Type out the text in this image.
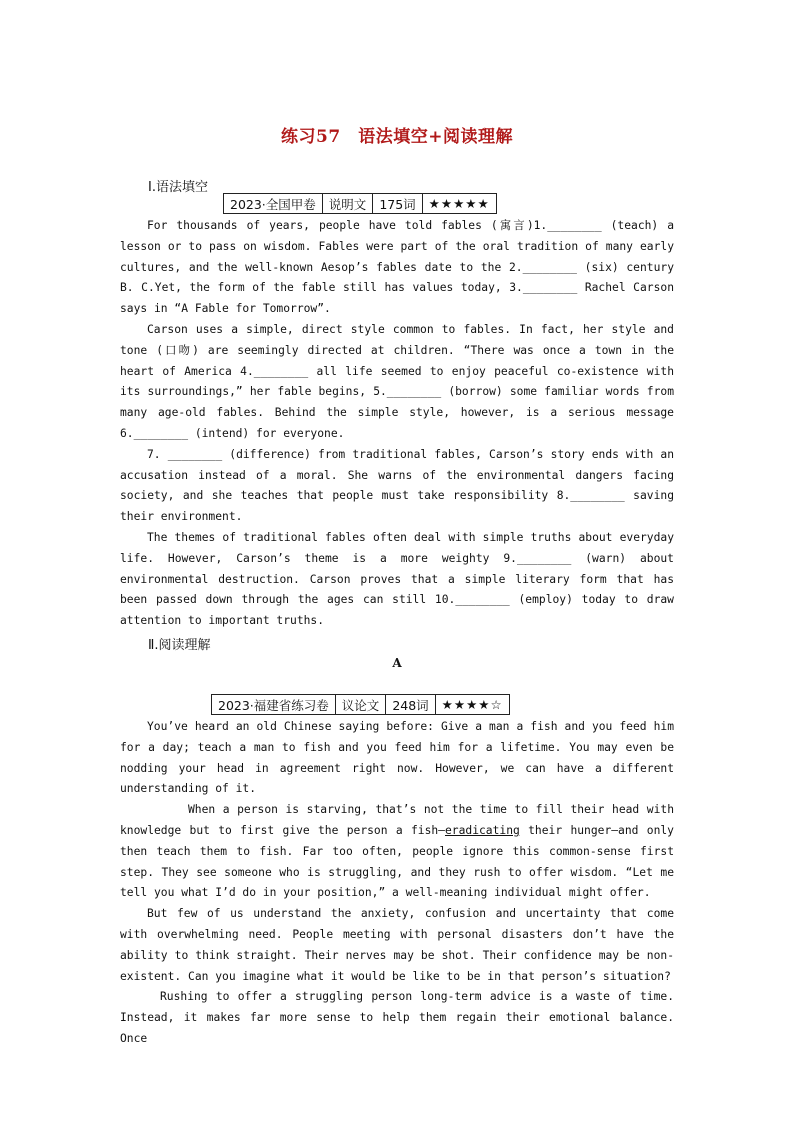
练习57　语法填空+阅读理解
Ⅰ.语法填空
2023·全国甲卷	说明文	175词	★★★★★

For thousands of years, people have told fables (寓言)1.________ (teach) a lesson or to pass on wisdom. Fables were part of the oral tradition of many early cultures, and the well-known Aesop’s fables date to the 2.________ (six) century B. C.Yet, the form of the fable still has values today, 3.________ Rachel Carson says in “A Fable for Tomorrow”.

Carson uses a simple, direct style common to fables. In fact, her style and tone (口吻) are seemingly directed at children. “There was once a town in the heart of America 4.________ all life seemed to enjoy peaceful co-existence with its surroundings,” her fable begins, 5.________ (borrow) some familiar words from many age-old fables. Behind the simple style, however, is a serious message 6.________ (intend) for everyone.

7. ________ (difference) from traditional fables, Carson’s story ends with an accusation instead of a moral. She warns of the environmental dangers facing society, and she teaches that people must take responsibility 8.________ saving their environment.

The themes of traditional fables often deal with simple truths about everyday life. However, Carson’s theme is a more weighty 9.________ (warn) about environmental destruction. Carson proves that a simple literary form that has been passed down through the ages can still 10.________ (employ) today to draw attention to important truths.

Ⅱ.阅读理解
A
2023·福建省练习卷	议论文	248词	★★★★☆

You’ve heard an old Chinese saying before: Give a man a fish and you feed him for a day; teach a man to fish and you feed him for a lifetime. You may even be nodding your head in agreement right now. However, we can have a different understanding of it.

When a person is starving, that’s not the time to fill their head with knowledge but to first give the person a fish—eradicating their hunger—and only then teach them to fish. Far too often, people ignore this common-sense first step. They see someone who is struggling, and they rush to offer wisdom. “Let me tell you what I’d do in your position,” a well-meaning individual might offer.

But few of us understand the anxiety, confusion and uncertainty that come with overwhelming need. People meeting with personal disasters don’t have the ability to think straight. Their nerves may be shot. Their confidence may be non-existent. Can you imagine what it would be like to be in that person’s situation?

Rushing to offer a struggling person long-term advice is a waste of time. Instead, it makes far more sense to help them regain their emotional balance. Once
